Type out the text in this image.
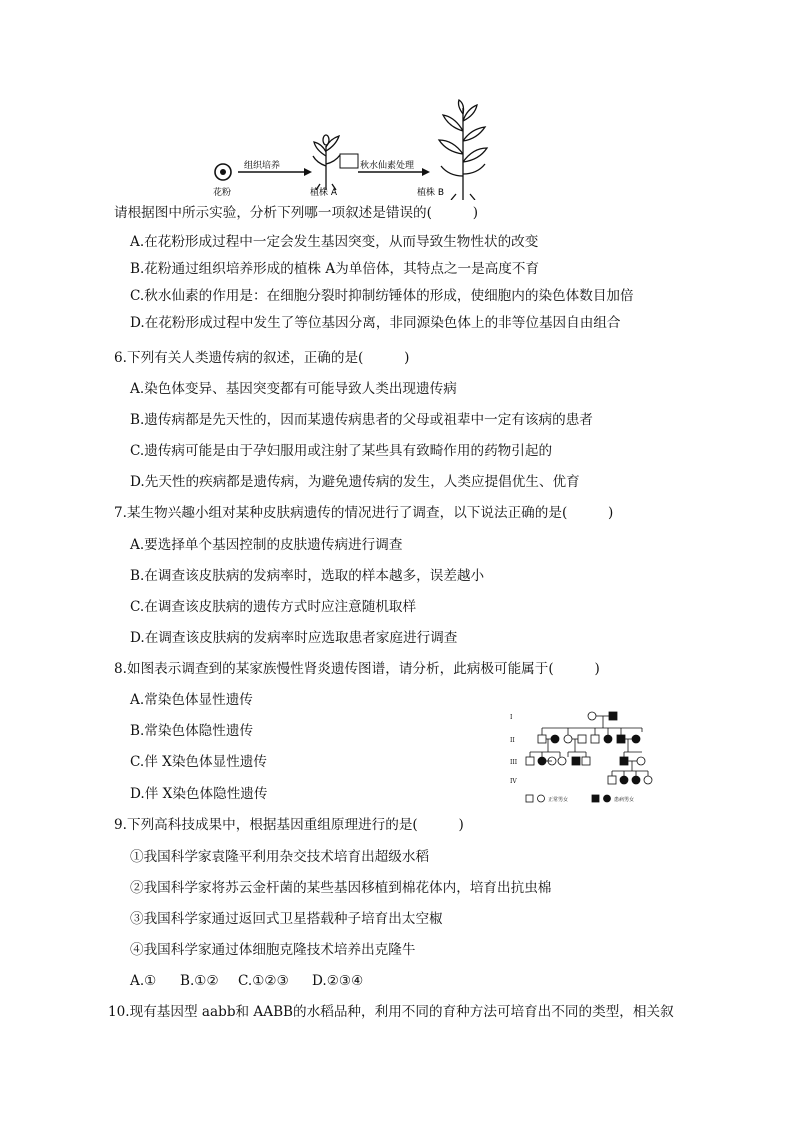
花粉
组织培养
植株 A
秋水仙素处理
植株 B
请根据图中所示实验，分析下列哪一项叙述是错误的(　　　)
A.在花粉形成过程中一定会发生基因突变，从而导致生物性状的改变
B.花粉通过组织培养形成的植株 A为单倍体，其特点之一是高度不育
C.秋水仙素的作用是：在细胞分裂时抑制纺锤体的形成，使细胞内的染色体数目加倍
D.在花粉形成过程中发生了等位基因分离，非同源染色体上的非等位基因自由组合
6.下列有关人类遗传病的叙述，正确的是(　　　)
A.染色体变异、基因突变都有可能导致人类出现遗传病
B.遗传病都是先天性的，因而某遗传病患者的父母或祖辈中一定有该病的患者
C.遗传病可能是由于孕妇服用或注射了某些具有致畸作用的药物引起的
D.先天性的疾病都是遗传病，为避免遗传病的发生，人类应提倡优生、优育
7.某生物兴趣小组对某种皮肤病遗传的情况进行了调查，以下说法正确的是(　　　)
A.要选择单个基因控制的皮肤遗传病进行调查
B.在调查该皮肤病的发病率时，选取的样本越多，误差越小
C.在调查该皮肤病的遗传方式时应注意随机取样
D.在调查该皮肤病的发病率时应选取患者家庭进行调查
8.如图表示调查到的某家族慢性肾炎遗传图谱，请分析，此病极可能属于(　　　)
A.常染色体显性遗传
B.常染色体隐性遗传
C.伴 X染色体显性遗传
D.伴 X染色体隐性遗传
I
II
III
IV
正常男女	患病男女
9.下列高科技成果中，根据基因重组原理进行的是(　　　)
①我国科学家袁隆平利用杂交技术培育出超级水稻
②我国科学家将苏云金杆菌的某些基因移植到棉花体内，培育出抗虫棉
③我国科学家通过返回式卫星搭载种子培育出太空椒
④我国科学家通过体细胞克隆技术培养出克隆牛
A.① B.①② C.①②③ D.②③④
10.现有基因型 aabb和 AABB的水稻品种，利用不同的育种方法可培育出不同的类型，相关叙
